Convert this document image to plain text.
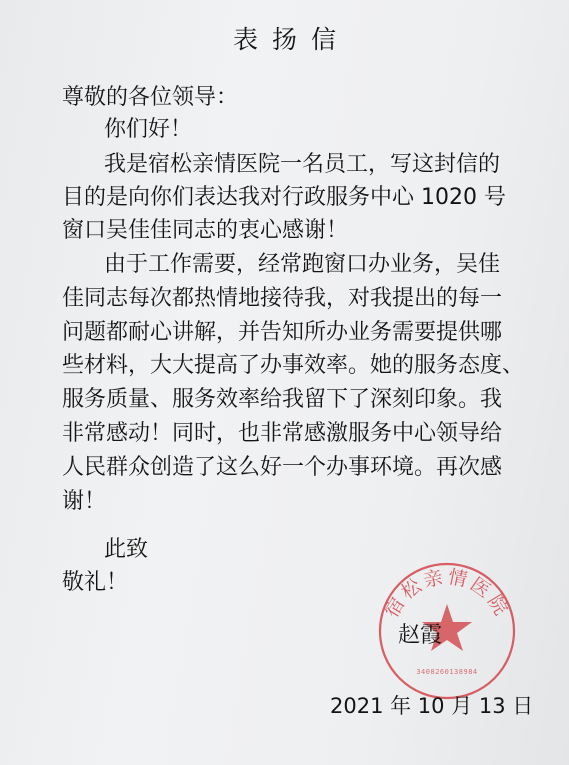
表扬信
尊敬的各位领导：
你们好！
我是宿松亲情医院一名员工，写这封信的
目的是向你们表达我对行政服务中心 1020 号
窗口吴佳佳同志的衷心感谢！
由于工作需要，经常跑窗口办业务，吴佳
佳同志每次都热情地接待我，对我提出的每一
问题都耐心讲解，并告知所办业务需要提供哪
些材料，大大提高了办事效率。她的服务态度、
服务质量、服务效率给我留下了深刻印象。我
非常感动！同时，也非常感激服务中心领导给
人民群众创造了这么好一个办事环境。再次感
谢！
此致
敬礼！
宿松亲情医院
3408260138984
赵霞
2021 年 10 月 13 日
